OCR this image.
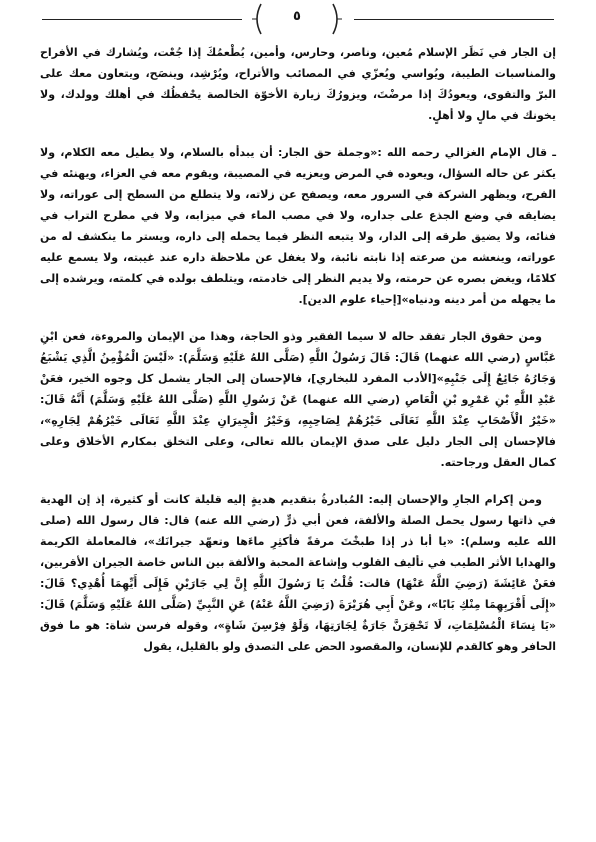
٥

إن الجار في نَظَر الإسلام مُعين، وناصر، وحارس، وأمين، يُطْعمُكَ إذا جُعْت، ويُشارك في الأفراح والمناسبات الطيبة، ويُواسي ويُعزّي في المصائب والأتراح، ويُرْشِد، وينصَح، ويتعاون معك على البرّ والتقوى، ويعودُكَ إذا مرضْتَ، ويزورُكَ زيارة الأخوّة الخالصة يحْفظُك في أهلك وولدك، ولا يخونك في مالٍ ولا أهلٍ.

ـ قال الإمام الغزالي رحمه الله :«وجملة حق الجار: أن يبدأه بالسلام، ولا يطيل معه الكلام، ولا يكثر عن حاله السؤال، ويعوده في المرض ويعزيه في المصيبة، ويقوم معه في العزاء، ويهنئه في الفرح، ويظهر الشركة في السرور معه، ويصفح عن زلاته، ولا يتطلع من السطح إلى عوراته، ولا يضايقه في وضع الجذع على جداره، ولا في مصب الماء في ميزابه، ولا في مطرح التراب في فنائه، ولا يضيق طرقه إلى الدار، ولا يتبعه النظر فيما يحمله إلى داره، ويستر ما ينكشف له من عوراته، وينعشه من صرعته إذا نابته نائبة، ولا يغفل عن ملاحظة داره عند غيبته، ولا يسمع عليه كلامًا، ويغض بصره عن حرمته، ولا يديم النظر إلى خادمته، ويتلطف بولده في كلمته، ويرشده إلى ما يجهله من أمر دينه ودنياه»[إحياء علوم الدين].

ومن حقوق الجار تفقد حاله لا سيما الفقير وذو الحاجة، وهذا من الإيمان والمروءة، فعن ابْنِ عَبَّاسٍ (رضي الله عنهما) قَالَ: قَالَ رَسُولُ اللَّهِ (صَلَّى اللهُ عَلَيْهِ وَسَلَّمَ): «لَيْسَ الْمُؤْمِنُ الَّذِي يَشْبَعُ وَجَارُهُ جَائِعٌ إِلَى جَنْبِهِ»[الأدب المفرد للبخاري]، فالإحسان إلى الجار يشمل كل وجوه الخير، فعَنْ عَبْدِ اللَّهِ بْنِ عَمْرِو بْنِ الْعَاصِ (رضي الله عنهما) عَنْ رَسُولِ اللَّهِ (صَلَّى اللهُ عَلَيْهِ وَسَلَّمَ) أَنَّهُ قَالَ: «خَيْرُ الْأَصْحَابِ عِنْدَ اللَّهِ تَعَالَى خَيْرُهُمْ لِصَاحِبِهِ، وَخَيْرُ الْجِيرَانِ عِنْدَ اللَّهِ تَعَالَى خَيْرُهُمْ لِجَارِهِ»، فالإحسان إلى الجار دليل على صدق الإيمان بالله تعالى، وعلى التخلق بمكارم الأخلاق وعلى كمال العقل ورجاحته.

ومن إكرام الجارِ والإحسان إليه: المُبادرةُ بتقديم هديةٍ إليه قليلة كانت أو كثيرة، إذ إن الهدية في ذاتها رسول يحمل الصلة والألفة، فعن أبي ذرٍّ (رضي الله عنه) قال: قال رسول الله (صلى الله عليه وسلم): «يا أبا ذر إذا طبخْتَ مرقةً فأكثِرِ ماءَها وتعهّد جيرانَك»، فالمعاملة الكريمة والهدايا الأثر الطيب في تأليف القلوب وإشاعة المحبة والألفة بين الناس خاصة الجيران الأقربين، فعَنْ عَائِشَةَ (رَضِيَ اللَّهُ عَنْهَا) قالت: قُلْتُ يَا رَسُولَ اللَّهِ إِنَّ لِي جَارَيْنِ فَإِلَى أَيِّهِمَا أُهْدِي؟ قَالَ: «إِلَى أَقْرَبِهِمَا مِنْكِ بَابًا»، وعَنْ أَبِي هُرَيْرَةَ (رَضِيَ اللَّهُ عَنْهُ) عَنِ النَّبِيِّ (صَلَّى اللهُ عَلَيْهِ وَسَلَّمَ) قَالَ: «يَا نِسَاءَ الْمُسْلِمَاتِ، لَا تَحْقِرَنَّ جَارَةٌ لِجَارَتِهَا، وَلَوْ فِرْسِنَ شَاةٍ»، وقوله فرسن شاة: هو ما فوق الحافر وهو كالقدم للإنسان، والمقصود الحض على التصدق ولو بالقليل، يقول
